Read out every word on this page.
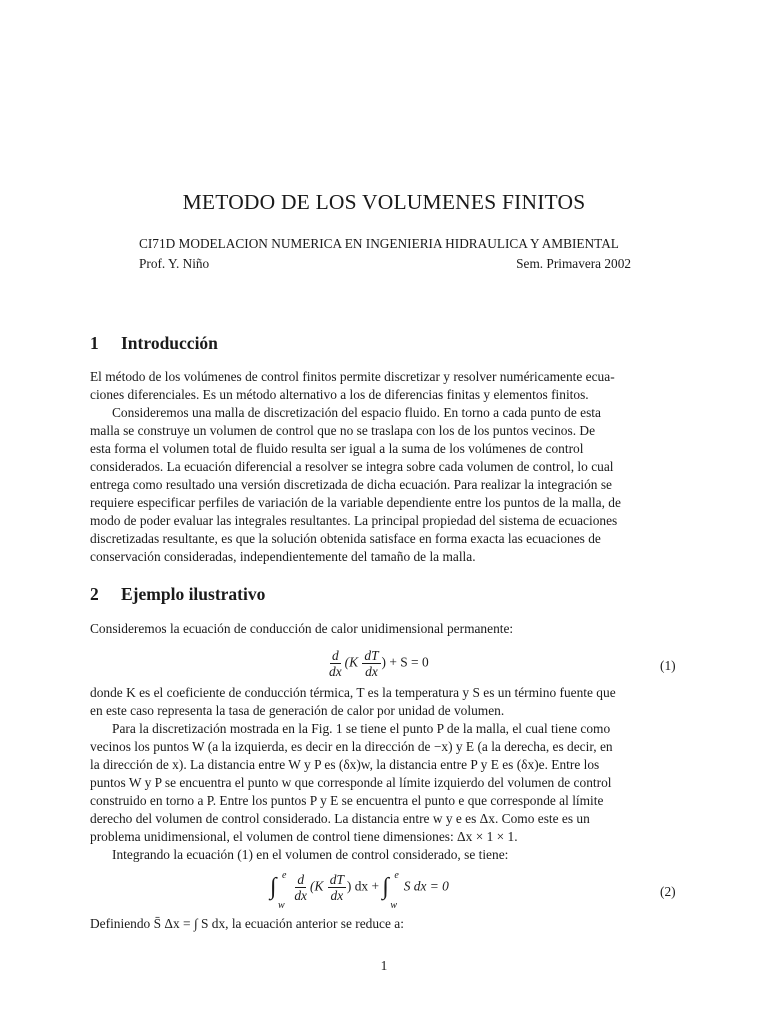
METODO DE LOS VOLUMENES FINITOS
CI71D MODELACION NUMERICA EN INGENIERIA HIDRAULICA Y AMBIENTAL
Prof. Y. Niño	Sem. Primavera 2002
1 Introducción

El método de los volúmenes de control finitos permite discretizar y resolver numéricamente ecua-

ciones diferenciales. Es un método alternativo a los de diferencias finitas y elementos finitos.

Consideremos una malla de discretización del espacio fluido. En torno a cada punto de esta

malla se construye un volumen de control que no se traslapa con los de los puntos vecinos. De

esta forma el volumen total de fluido resulta ser igual a la suma de los volúmenes de control

considerados. La ecuación diferencial a resolver se integra sobre cada volumen de control, lo cual

entrega como resultado una versión discretizada de dicha ecuación. Para realizar la integración se

requiere especificar perfiles de variación de la variable dependiente entre los puntos de la malla, de

modo de poder evaluar las integrales resultantes. La principal propiedad del sistema de ecuaciones

discretizadas resultante, es que la solución obtenida satisface en forma exacta las ecuaciones de

conservación consideradas, independientemente del tamaño de la malla.

2 Ejemplo ilustrativo

Consideremos la ecuación de conducción de calor unidimensional permanente:

$\frac{d}{dx} (K \frac{dT}{dx}$ ) + S = 0	(1)

donde K es el coeficiente de conducción térmica, T es la temperatura y S es un término fuente que

en este caso representa la tasa de generación de calor por unidad de volumen.

Para la discretización mostrada en la Fig. 1 se tiene el punto P de la malla, el cual tiene como

vecinos los puntos W (a la izquierda, es decir en la dirección de −x) y E (a la derecha, es decir, en

la dirección de x). La distancia entre W y P es (δx)w, la distancia entre P y E es (δx)e. Entre los

puntos W y P se encuentra el punto w que corresponde al límite izquierdo del volumen de control

construido en torno a P. Entre los puntos P y E se encuentra el punto e que corresponde al límite

derecho del volumen de control considerado. La distancia entre w y e es Δx. Como este es un

problema unidimensional, el volumen de control tiene dimensiones: Δx × 1 × 1.

Integrando la ecuación (1) en el volumen de control considerado, se tiene:

∫ e
w

$\frac{d}{dx} (K \frac{dT}{dx}$ ) dx + ∫ e
w
S dx = 0	(2)

Definiendo S̄ Δx = ∫ S dx, la ecuación anterior se reduce a:

1
